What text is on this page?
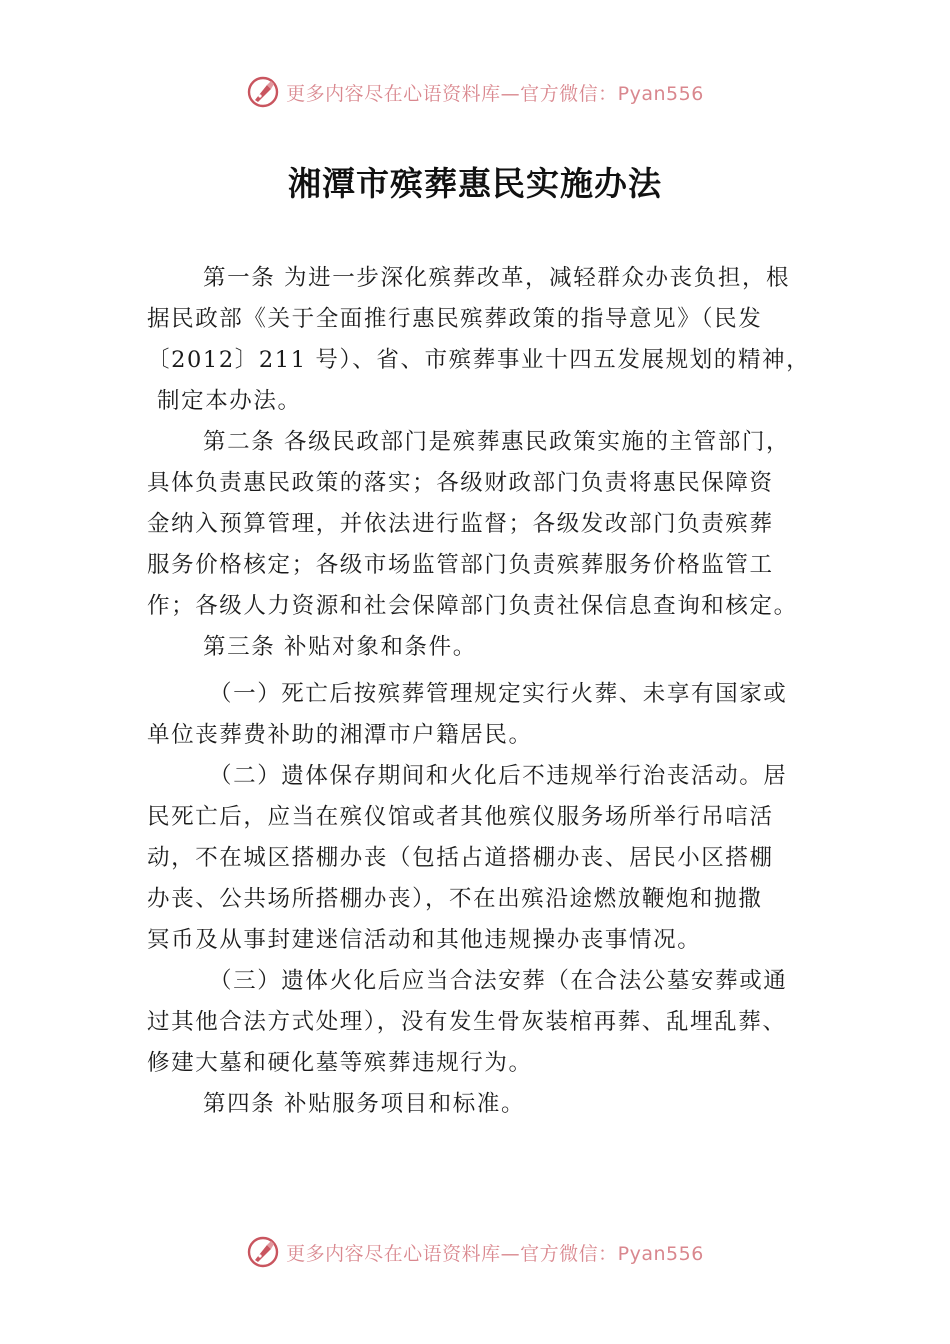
更多内容尽在心语资料库—官方微信：Pyan556
湘潭市殡葬惠民实施办法
第一条 为进一步深化殡葬改革，减轻群众办丧负担，根
据民政部《关于全面推行惠民殡葬政策的指导意见》（民发
〔2012〕211 号）、省、市殡葬事业十四五发展规划的精神，
制定本办法。
第二条 各级民政部门是殡葬惠民政策实施的主管部门，
具体负责惠民政策的落实；各级财政部门负责将惠民保障资
金纳入预算管理，并依法进行监督；各级发改部门负责殡葬
服务价格核定；各级市场监管部门负责殡葬服务价格监管工
作；各级人力资源和社会保障部门负责社保信息查询和核定。
第三条 补贴对象和条件。
（一）死亡后按殡葬管理规定实行火葬、未享有国家或
单位丧葬费补助的湘潭市户籍居民。
（二）遗体保存期间和火化后不违规举行治丧活动。居
民死亡后，应当在殡仪馆或者其他殡仪服务场所举行吊唁活
动，不在城区搭棚办丧（包括占道搭棚办丧、居民小区搭棚
办丧、公共场所搭棚办丧），不在出殡沿途燃放鞭炮和抛撒
冥币及从事封建迷信活动和其他违规操办丧事情况。
（三）遗体火化后应当合法安葬（在合法公墓安葬或通
过其他合法方式处理），没有发生骨灰装棺再葬、乱埋乱葬、
修建大墓和硬化墓等殡葬违规行为。
第四条 补贴服务项目和标准。
更多内容尽在心语资料库—官方微信：Pyan556
